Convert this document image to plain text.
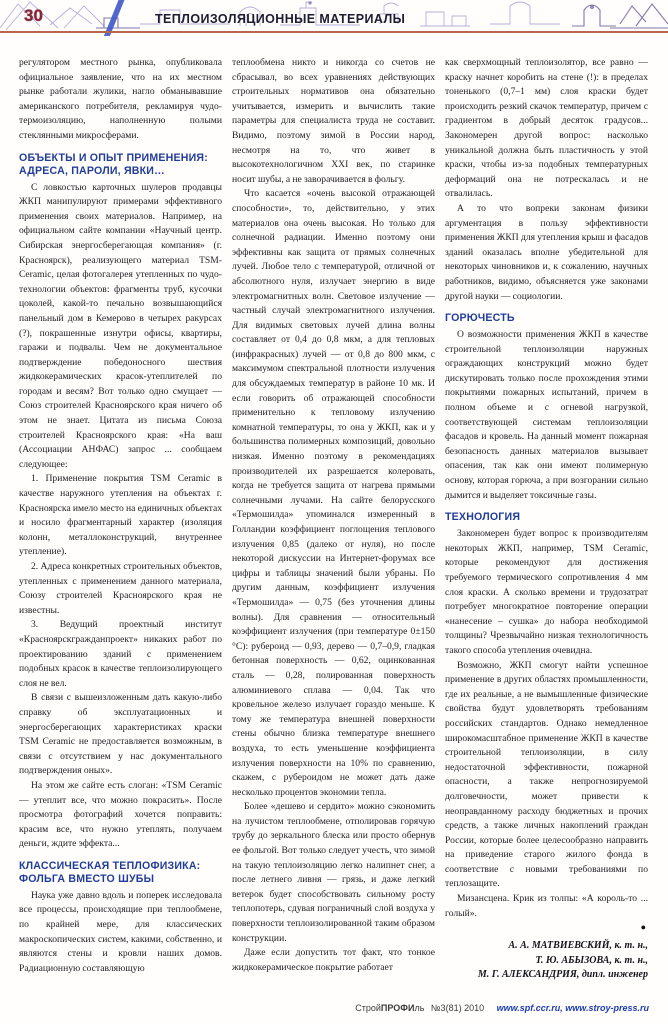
30	ТЕПЛОИЗОЛЯЦИОННЫЕ МАТЕРИАЛЫ

регулятором местного рынка, опубликовала официальное заявление, что на их местном рынке работали жулики, нагло обманывавшие американского потребителя, рекламируя чудо-термоизоляцию, наполненную полыми стеклянными микросферами.

ОБЪЕКТЫ И ОПЫТ ПРИМЕНЕНИЯ: АДРЕСА, ПАРОЛИ, ЯВКИ…

С ловкостью карточных шулеров продавцы ЖКП манипулируют примерами эффективного применения своих материалов. Например, на официальном сайте компании «Научный центр. Сибирская энергосберегающая компания» (г. Красноярск), реализующего материал TSM-Ceramic, целая фотогалерея утепленных по чудо-технологии объектов: фрагменты труб, кусочки цоколей, какой-то печально возвышающийся панельный дом в Кемерово в четырех ракурсах (?), покрашенные изнутри офисы, квартиры, гаражи и подвалы. Чем не документальное подтверждение победоносного шествия жидкокерамических красок-утеплителей по городам и весям? Вот только одно смущает — Союз строителей Красноярского края ничего об этом не знает. Цитата из письма Союза строителей Красноярского края: «На ваш (Ассоциации АНФАС) запрос ... сообщаем следующее:

1. Применение покрытия TSM Ceramic в качестве наружного утепления на объектах г. Красноярска имело место на единичных объектах и носило фрагментарный характер (изоляция колонн, металлоконструкций, внутреннее утепление).

2. Адреса конкретных строительных объектов, утепленных с применением данного материала, Союзу строителей Красноярского края не известны.

3. Ведущий проектный институт «Красноярскгражданпроект» никаких работ по проектированию зданий с применением подобных красок в качестве теплоизолирующего слоя не вел.

В связи с вышеизложенным дать какую-либо справку об эксплуатационных и энергосберегающих характеристиках краски TSM Ceramic не предоставляется возможным, в связи с отсутствием у нас документального подтверждения оных».

На этом же сайте есть слоган: «TSM Ceramic — утеплит все, что можно покрасить». После просмотра фотографий хочется поправить: красим все, что нужно утеплять, получаем деньги, ждите эффекта...

КЛАССИЧЕСКАЯ ТЕПЛОФИЗИКА: ФОЛЬГА ВМЕСТО ШУБЫ

Наука уже давно вдоль и поперек исследовала все процессы, происходящие при теплообмене, по крайней мере, для классических макроскопических систем, какими, собственно, и являются стены и кровли наших домов. Радиационную составляющую

теплообмена никто и никогда со счетов не сбрасывал, во всех уравнениях действующих строительных нормативов она обязательно учитывается, измерить и вычислить такие параметры для специалиста труда не составит. Видимо, поэтому зимой в России народ, несмотря на то, что живет в высокотехнологичном XXI век, по старинке носит шубы, а не заворачивается в фольгу.

Что касается «очень высокой отражающей способности», то, действительно, у этих материалов она очень высокая. Но только для солнечной радиации. Именно поэтому они эффективны как защита от прямых солнечных лучей. Любое тело с температурой, отличной от абсолютного нуля, излучает энергию в виде электромагнитных волн. Световое излучение — частный случай электромагнитного излучения. Для видимых световых лучей длина волны составляет от 0,4 до 0,8 мкм, а для тепловых (инфракрасных) лучей — от 0,8 до 800 мкм, с максимумом спектральной плотности излучения для обсуждаемых температур в районе 10 мк. И если говорить об отражающей способности применительно к тепловому излучению комнатной температуры, то она у ЖКП, как и у большинства полимерных композиций, довольно низкая. Именно поэтому в рекомендациях производителей их разрешается колеровать, когда не требуется защита от нагрева прямыми солнечными лучами. На сайте белорусского «Термошилда» упоминался измеренный в Голландии коэффициент поглощения теплового излучения 0,85 (далеко от нуля), но после некоторой дискуссии на Интернет-форумах все цифры и таблицы значений были убраны. По другим данным, коэффициент излучения «Термошилда» — 0,75 (без уточнения длины волны). Для сравнения — относительный коэффициент излучения (при температуре 0±150 °С): рубероид — 0,93, дерево — 0,7–0,9, гладкая бетонная поверхность — 0,62, оцинкованная сталь — 0,28, полированная поверхность алюминиевого сплава — 0,04. Так что кровельное железо излучает гораздо меньше. К тому же температура внешней поверхности стены обычно близка температуре внешнего воздуха, то есть уменьшение коэффициента излучения поверхности на 10% по сравнению, скажем, с рубероидом не может дать даже несколько процентов экономии тепла.

Более «дешево и сердито» можно сэкономить на лучистом теплообмене, отполировав горячую трубу до зеркального блеска или просто обернув ее фольгой. Вот только следует учесть, что зимой на такую теплоизоляцию легко налипнет снег, а после летнего ливня — грязь, и даже легкий ветерок будет способствовать сильному росту теплопотерь, сдувая пограничный слой воздуха у поверхности теплоизолированной таким образом конструкции.

Даже если допустить тот факт, что тонкое жидкокерамическое покрытие работает

как сверхмощный теплоизолятор, все равно — краску начнет коробить на стене (!): в пределах тоненького (0,7–1 мм) слоя краски будет происходить резкий скачок температур, причем с градиентом в добрый десяток градусов... Закономерен другой вопрос: насколько уникальной должна быть пластичность у этой краски, чтобы из-за подобных температурных деформаций она не потрескалась и не отвалилась.

А то что вопреки законам физики аргументация в пользу эффективности применения ЖКП для утепления крыш и фасадов зданий оказалась вполне убедительной для некоторых чиновников и, к сожалению, научных работников, видимо, объясняется уже законами другой науки — социологии.

ГОРЮЧЕСТЬ

О возможности применения ЖКП в качестве строительной теплоизоляции наружных ограждающих конструкций можно будет дискутировать только после прохождения этими покрытиями пожарных испытаний, причем в полном объеме и с огневой нагрузкой, соответствующей системам теплоизоляции фасадов и кровель. На данный момент пожарная безопасность данных материалов вызывает опасения, так как они имеют полимерную основу, которая горюча, а при возгорании сильно дымится и выделяет токсичные газы.

ТЕХНОЛОГИЯ

Закономерен будет вопрос к производителям некоторых ЖКП, например, TSM Ceramic, которые рекомендуют для достижения требуемого термического сопротивления 4 мм слоя краски. А сколько времени и трудозатрат потребует многократное повторение операции «нанесение – сушка» до набора необходимой толщины? Чрезвычайно низкая технологичность такого способа утепления очевидна.

Возможно, ЖКП смогут найти успешное применение в других областях промышленности, где их реальные, а не вымышленные физические свойства будут удовлетворять требованиям российских стандартов. Однако немедленное широкомасштабное применение ЖКП в качестве строительной теплоизоляции, в силу недостаточной эффективности, пожарной опасности, а также непрогнозируемой долговечности, может привести к неоправданному расходу бюджетных и прочих средств, а также личных накоплений граждан России, которые более целесообразно направить на приведение старого жилого фонда в соответствие с новыми требованиями по теплозащите.

Мизансцена. Крик из толпы: «А король-то ... голый».

●
А. А. МАТВИЕВСКИЙ, к. т. н.,
Т. Ю. АБЫЗОВА, к. т. н.,
М. Г. АЛЕКСАНДРИЯ, дипл. инженер
СтройПРОФИль №3(81) 2010 www.spf.ccr.ru, www.stroy-press.ru
